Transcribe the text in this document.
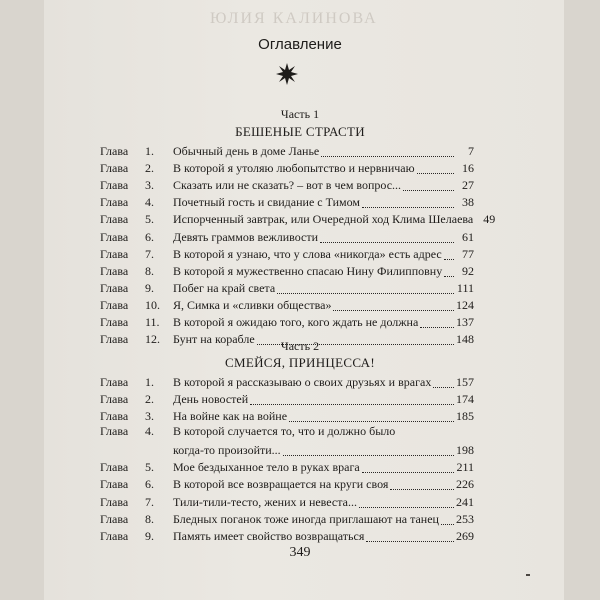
ЮЛИЯ КАЛИНОВА
Оглавление
Часть 1
БЕШЕНЫЕ СТРАСТИ
Глава	1.	Обычный день в доме Ланье	7
Глава	2.	В которой я утоляю любопытство и нервничаю	16
Глава	3.	Сказать или не сказать? – вот в чем вопрос...	27
Глава	4.	Почетный гость и свидание с Тимом	38
Глава	5.	Испорченный завтрак, или Очередной ход Клима Шелаева 49
Глава	6.	Девять граммов вежливости	61
Глава	7.	В которой я узнаю, что у слова «никогда» есть адрес	77
Глава	8.	В которой я мужественно спасаю Нину Филипповну	92
Глава	9.	Побег на край света	111
Глава	10.	Я, Симка и «сливки общества»	124
Глава	11.	В которой я ожидаю того, кого ждать не должна	137
Глава	12.	Бунт на корабле	148
Часть 2
СМЕЙСЯ, ПРИНЦЕССА!
Глава	1.	В которой я рассказываю о своих друзьях и врагах 157
Глава	2.	День новостей	174
Глава	3.	На войне как на войне	185
Глава	4.	В которой случается то, что и должно было
когда-то произойти...	198
Глава	5.	Мое бездыханное тело в руках врага	211
Глава	6.	В которой все возвращается на круги своя	226
Глава	7.	Тили-тили-тесто, жених и невеста...	241
Глава	8.	Бледных поганок тоже иногда приглашают на танец 253
Глава	9.	Память имеет свойство возвращаться	269
349
